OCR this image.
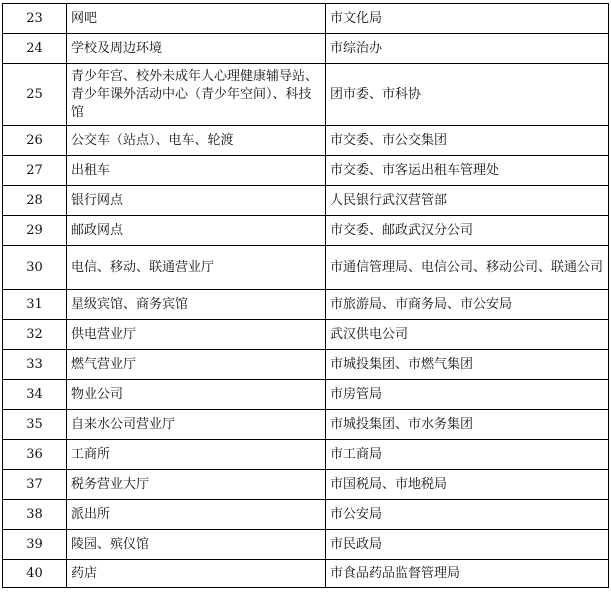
23	网吧	市文化局
24	学校及周边环境	市综治办
25	青少年宫、校外未成年人心理健康辅导站、青少年课外活动中心（青少年空间）、科技馆	团市委、市科协
26	公交车（站点）、电车、轮渡	市交委、市公交集团
27	出租车	市交委、市客运出租车管理处
28	银行网点	人民银行武汉营管部
29	邮政网点	市交委、邮政武汉分公司
30	电信、移动、联通营业厅	市通信管理局、电信公司、移动公司、联通公司
31	星级宾馆、商务宾馆	市旅游局、市商务局、市公安局
32	供电营业厅	武汉供电公司
33	燃气营业厅	市城投集团、市燃气集团
34	物业公司	市房管局
35	自来水公司营业厅	市城投集团、市水务集团
36	工商所	市工商局
37	税务营业大厅	市国税局、市地税局
38	派出所	市公安局
39	陵园、殡仪馆	市民政局
40	药店	市食品药品监督管理局
